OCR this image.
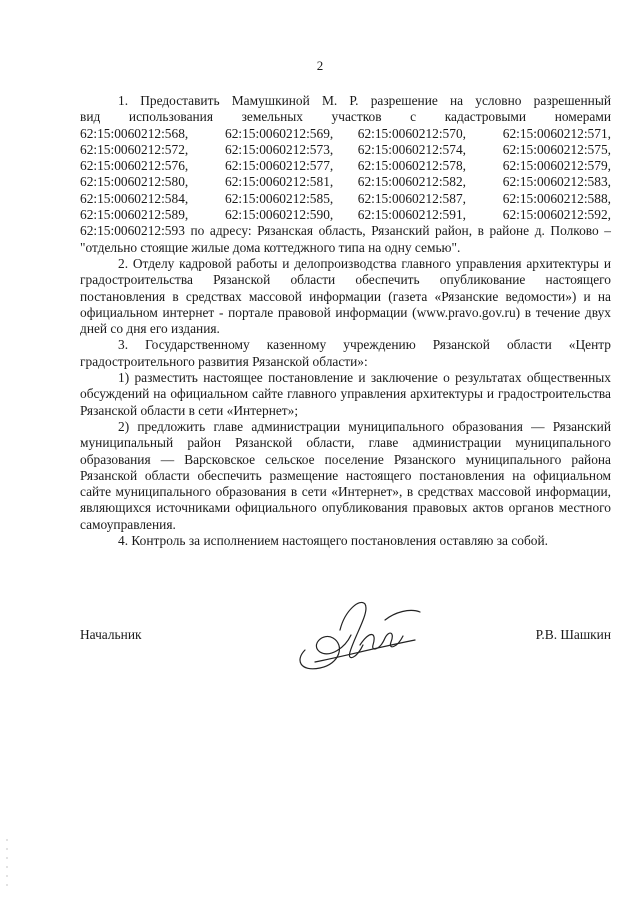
2

1. Предоставить Мамушкиной М. Р. разрешение на условно разрешенный

вид использования земельных участков с кадастровыми номерами

62:15:0060212:568,	62:15:0060212:569,	62:15:0060212:570,	62:15:0060212:571,
62:15:0060212:572,	62:15:0060212:573,	62:15:0060212:574,	62:15:0060212:575,
62:15:0060212:576,	62:15:0060212:577,	62:15:0060212:578,	62:15:0060212:579,
62:15:0060212:580,	62:15:0060212:581,	62:15:0060212:582,	62:15:0060212:583,
62:15:0060212:584,	62:15:0060212:585,	62:15:0060212:587,	62:15:0060212:588,
62:15:0060212:589,	62:15:0060212:590,	62:15:0060212:591,	62:15:0060212:592,

62:15:0060212:593 по адресу: Рязанская область, Рязанский район, в районе д. Полково – "отдельно стоящие жилые дома коттеджного типа на одну семью".

2. Отделу кадровой работы и делопроизводства главного управления архитектуры и градостроительства Рязанской области обеспечить опубликование настоящего постановления в средствах массовой информации (газета «Рязанские ведомости») и на официальном интернет - портале правовой информации (www.pravo.gov.ru) в течение двух дней со дня его издания.

3. Государственному казенному учреждению Рязанской области «Центр градостроительного развития Рязанской области»:

1) разместить настоящее постановление и заключение о результатах общественных обсуждений на официальном сайте главного управления архитектуры и градостроительства Рязанской области в сети «Интернет»;

2) предложить главе администрации муниципального образования — Рязанский муниципальный район Рязанской области, главе администрации муниципального образования — Варсковское сельское поселение Рязанского муниципального района Рязанской области обеспечить размещение настоящего постановления на официальном сайте муниципального образования в сети «Интернет», в средствах массовой информации, являющихся источниками официального опубликования правовых актов органов местного самоуправления.

4. Контроль за исполнением настоящего постановления оставляю за собой.

Начальник	Р.В. Шашкин
